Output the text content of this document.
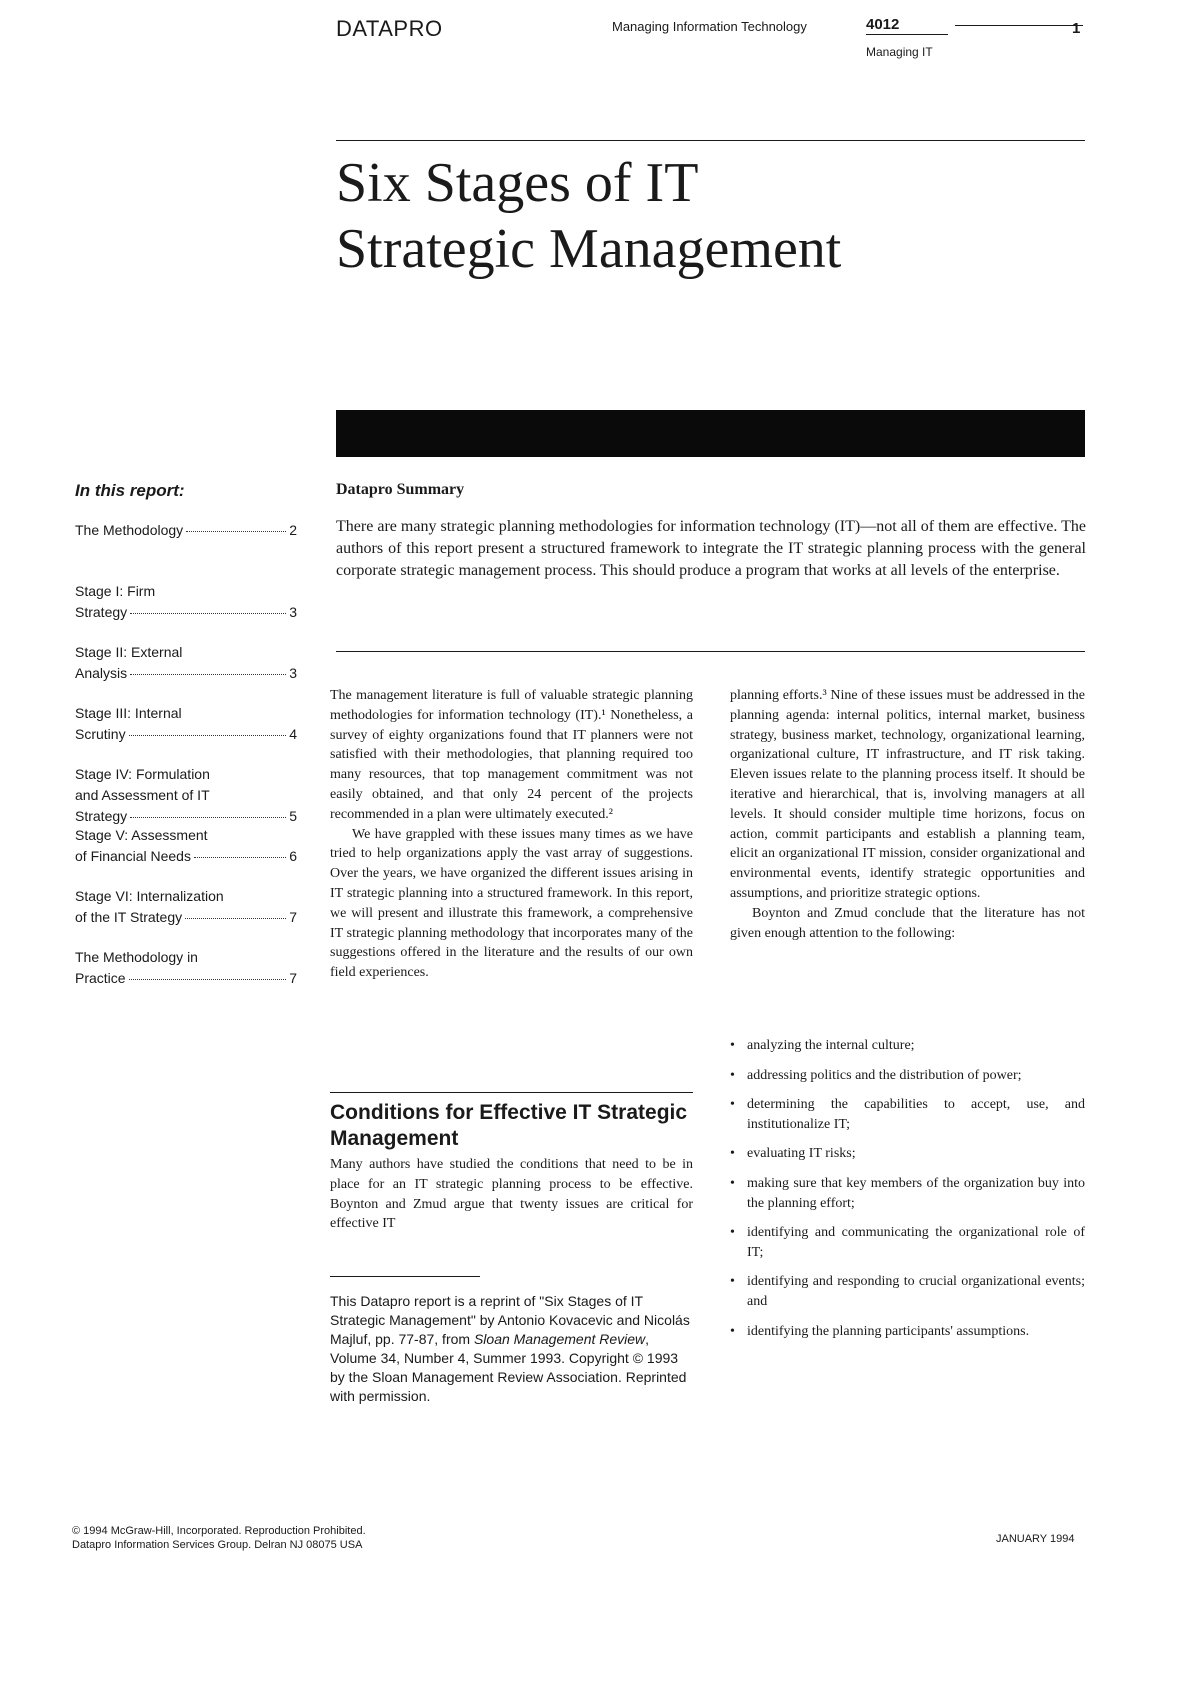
DATAPRO	Managing Information Technology	4012	1
Managing IT
Six Stages of IT
Strategic Management
In this report:
The Methodology	2
Stage I: Firm
Strategy	3
Stage II: External
Analysis	3
Stage III: Internal
Scrutiny	4
Stage IV: Formulation
and Assessment of IT
Strategy	5
Stage V: Assessment
of Financial Needs	6
Stage VI: Internalization
of the IT Strategy	7
The Methodology in
Practice	7
Datapro Summary

There are many strategic planning methodologies for information technology (IT)—not all of them are effective. The authors of this report present a structured framework to integrate the IT strategic planning process with the general corporate strategic management process. This should produce a program that works at all levels of the enterprise.

The management literature is full of valuable strategic planning methodologies for information technology (IT).¹ Nonetheless, a survey of eighty organizations found that IT planners were not satisfied with their methodologies, that planning required too many resources, that top management commitment was not easily obtained, and that only 24 percent of the projects recommended in a plan were ultimately executed.²

We have grappled with these issues many times as we have tried to help organizations apply the vast array of suggestions. Over the years, we have organized the different issues arising in IT strategic planning into a structured framework. In this report, we will present and illustrate this framework, a comprehensive IT strategic planning methodology that incorporates many of the suggestions offered in the literature and the results of our own field experiences.

Conditions for Effective IT Strategic Management

Many authors have studied the conditions that need to be in place for an IT strategic planning process to be effective. Boynton and Zmud argue that twenty issues are critical for effective IT

This Datapro report is a reprint of "Six Stages of IT Strategic Management" by Antonio Kovacevic and Nicolás Majluf, pp. 77-87, from Sloan Management Review, Volume 34, Number 4, Summer 1993. Copyright © 1993 by the Sloan Management Review Association. Reprinted with permission.

planning efforts.³ Nine of these issues must be addressed in the planning agenda: internal politics, internal market, business strategy, business market, technology, organizational learning, organizational culture, IT infrastructure, and IT risk taking. Eleven issues relate to the planning process itself. It should be iterative and hierarchical, that is, involving managers at all levels. It should consider multiple time horizons, focus on action, commit participants and establish a planning team, elicit an organizational IT mission, consider organizational and environmental events, identify strategic opportunities and assumptions, and prioritize strategic options.

Boynton and Zmud conclude that the literature has not given enough attention to the following:

• analyzing the internal culture;
• addressing politics and the distribution of power;
• determining the capabilities to accept, use, and institutionalize IT;
• evaluating IT risks;
• making sure that key members of the organization buy into the planning effort;
• identifying and communicating the organizational role of IT;
• identifying and responding to crucial organizational events; and
• identifying the planning participants' assumptions.
© 1994 McGraw-Hill, Incorporated. Reproduction Prohibited.
Datapro Information Services Group. Delran NJ 08075 USA	JANUARY 1994
